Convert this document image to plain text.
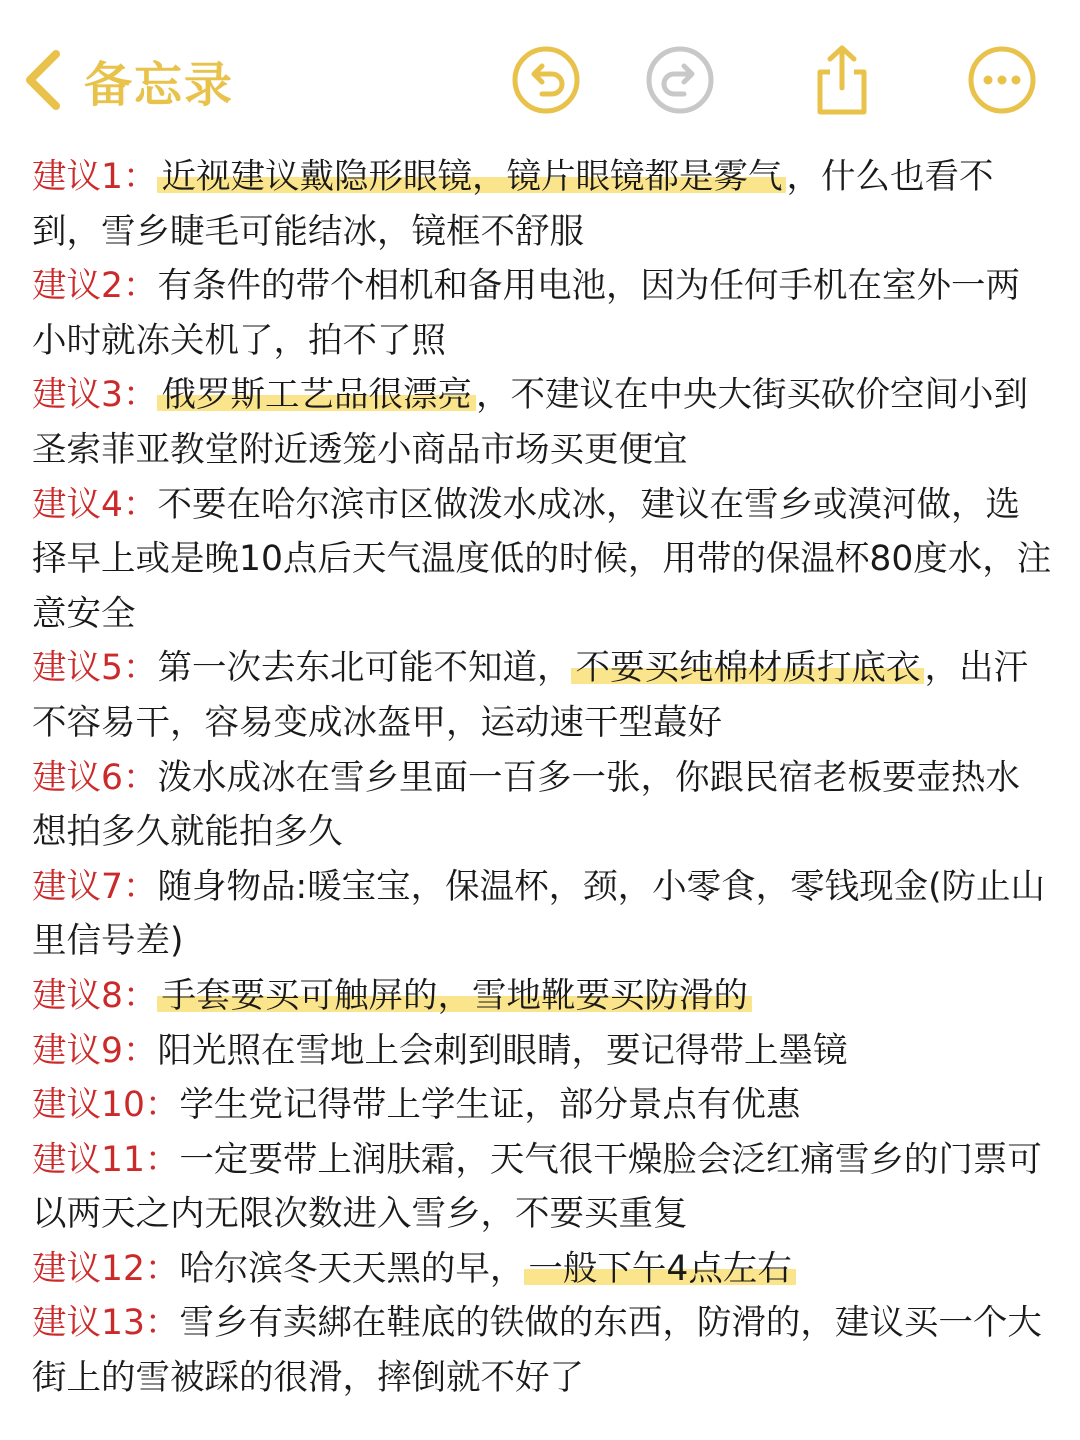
备忘录

建议1： 近视建议戴隐形眼镜，镜片眼镜都是雾气 ，什么也看不到，雪乡睫毛可能结冰，镜框不舒服

建议2：有条件的带个相机和备用电池，因为任何手机在室外一两小时就冻关机了，拍不了照

建议3： 俄罗斯工艺品很漂亮 ，不建议在中央大街买砍价空间小到圣索菲亚教堂附近透笼小商品市场买更便宜

建议4：不要在哈尔滨市区做泼水成冰，建议在雪乡或漠河做，选择早上或是晚10点后天气温度低的时候，用带的保温杯80度水，注意安全

建议5：第一次去东北可能不知道， 不要买纯棉材质打底衣 ，出汗不容易干，容易变成冰盔甲，运动速干型蕞好

建议6：泼水成冰在雪乡里面一百多一张，你跟民宿老板要壶热水想拍多久就能拍多久

建议7：随身物品:暖宝宝，保温杯，颈，小零食，零钱现金(防止山里信号差)

建议8： 手套要买可触屏的，雪地靴要买防滑的

建议9：阳光照在雪地上会刺到眼睛，要记得带上墨镜

建议10：学生党记得带上学生证，部分景点有优惠

建议11：一定要带上润肤霜，天气很干燥脸会泛红痛雪乡的门票可以两天之内无限次数进入雪乡，不要买重复

建议12：哈尔滨冬天天黑的早， 一般下午4点左右

建议13：雪乡有卖綁在鞋底的铁做的东西，防滑的，建议买一个大街上的雪被踩的很滑，摔倒就不好了
